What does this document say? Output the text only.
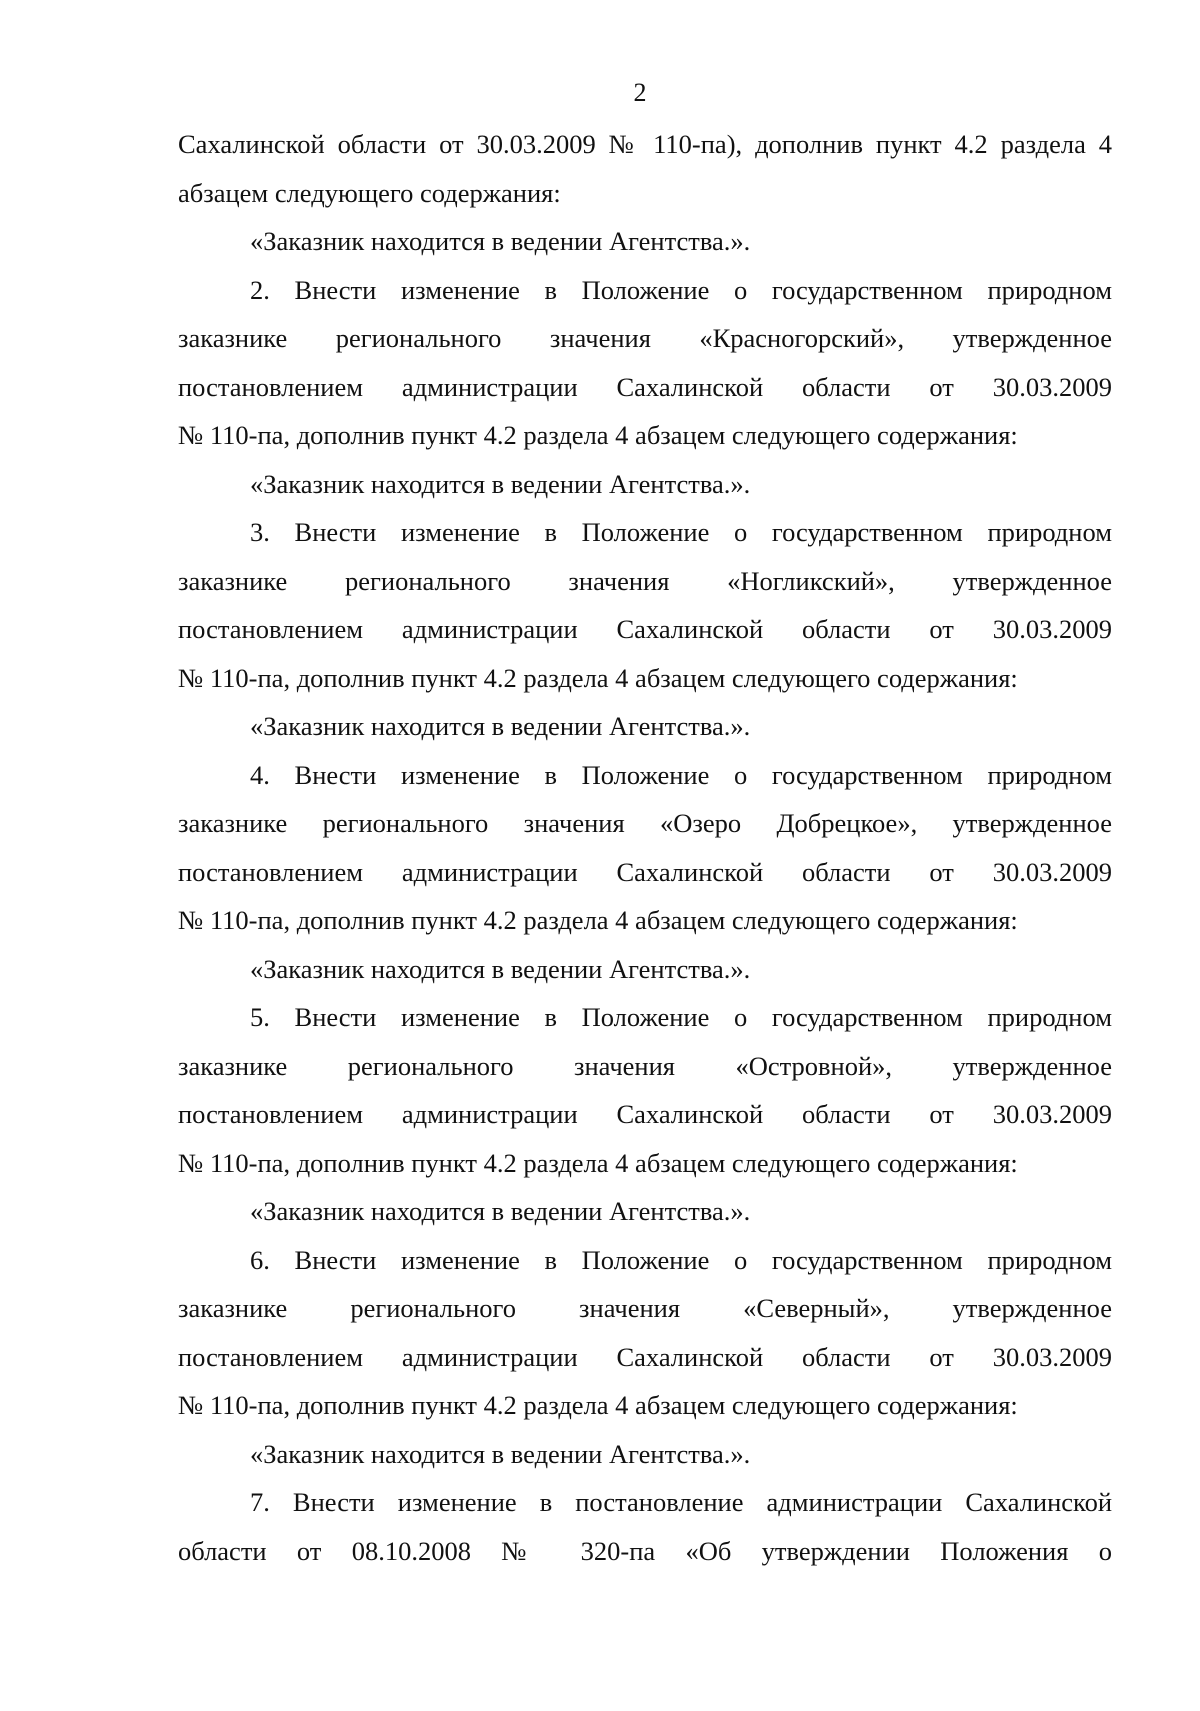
2
Сахалинской области от 30.03.2009 № 110-па), дополнив пункт 4.2 раздела 4
абзацем следующего содержания:
«Заказник находится в ведении Агентства.».
2. Внести изменение в Положение о государственном природном
заказнике регионального значения «Красногорский», утвержденное
постановлением администрации Сахалинской области от 30.03.2009
№ 110-па, дополнив пункт 4.2 раздела 4 абзацем следующего содержания:
«Заказник находится в ведении Агентства.».
3. Внести изменение в Положение о государственном природном
заказнике регионального значения «Ногликский», утвержденное
постановлением администрации Сахалинской области от 30.03.2009
№ 110-па, дополнив пункт 4.2 раздела 4 абзацем следующего содержания:
«Заказник находится в ведении Агентства.».
4. Внести изменение в Положение о государственном природном
заказнике регионального значения «Озеро Добрецкое», утвержденное
постановлением администрации Сахалинской области от 30.03.2009
№ 110-па, дополнив пункт 4.2 раздела 4 абзацем следующего содержания:
«Заказник находится в ведении Агентства.».
5. Внести изменение в Положение о государственном природном
заказнике регионального значения «Островной», утвержденное
постановлением администрации Сахалинской области от 30.03.2009
№ 110-па, дополнив пункт 4.2 раздела 4 абзацем следующего содержания:
«Заказник находится в ведении Агентства.».
6. Внести изменение в Положение о государственном природном
заказнике регионального значения «Северный», утвержденное
постановлением администрации Сахалинской области от 30.03.2009
№ 110-па, дополнив пункт 4.2 раздела 4 абзацем следующего содержания:
«Заказник находится в ведении Агентства.».
7. Внести изменение в постановление администрации Сахалинской
области от 08.10.2008 № 320-па «Об утверждении Положения о
